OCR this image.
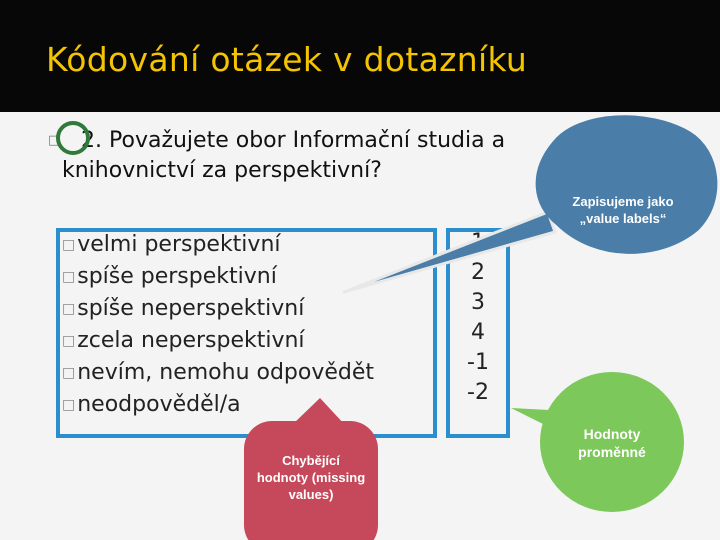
Kódování otázek v dotazníku
□ 2. Považujete obor Informační studia a knihovnictví za perspektivní?
□velmi perspektivní
□spíše perspektivní
□spíše neperspektivní
□zcela neperspektivní
□nevím, nemohu odpovědět
□neodpověděl/a
2
3
4
-1
-2
Zapisujeme jako „value labels“
Hodnoty proměnné
Chybějící hodnoty (missing values)
